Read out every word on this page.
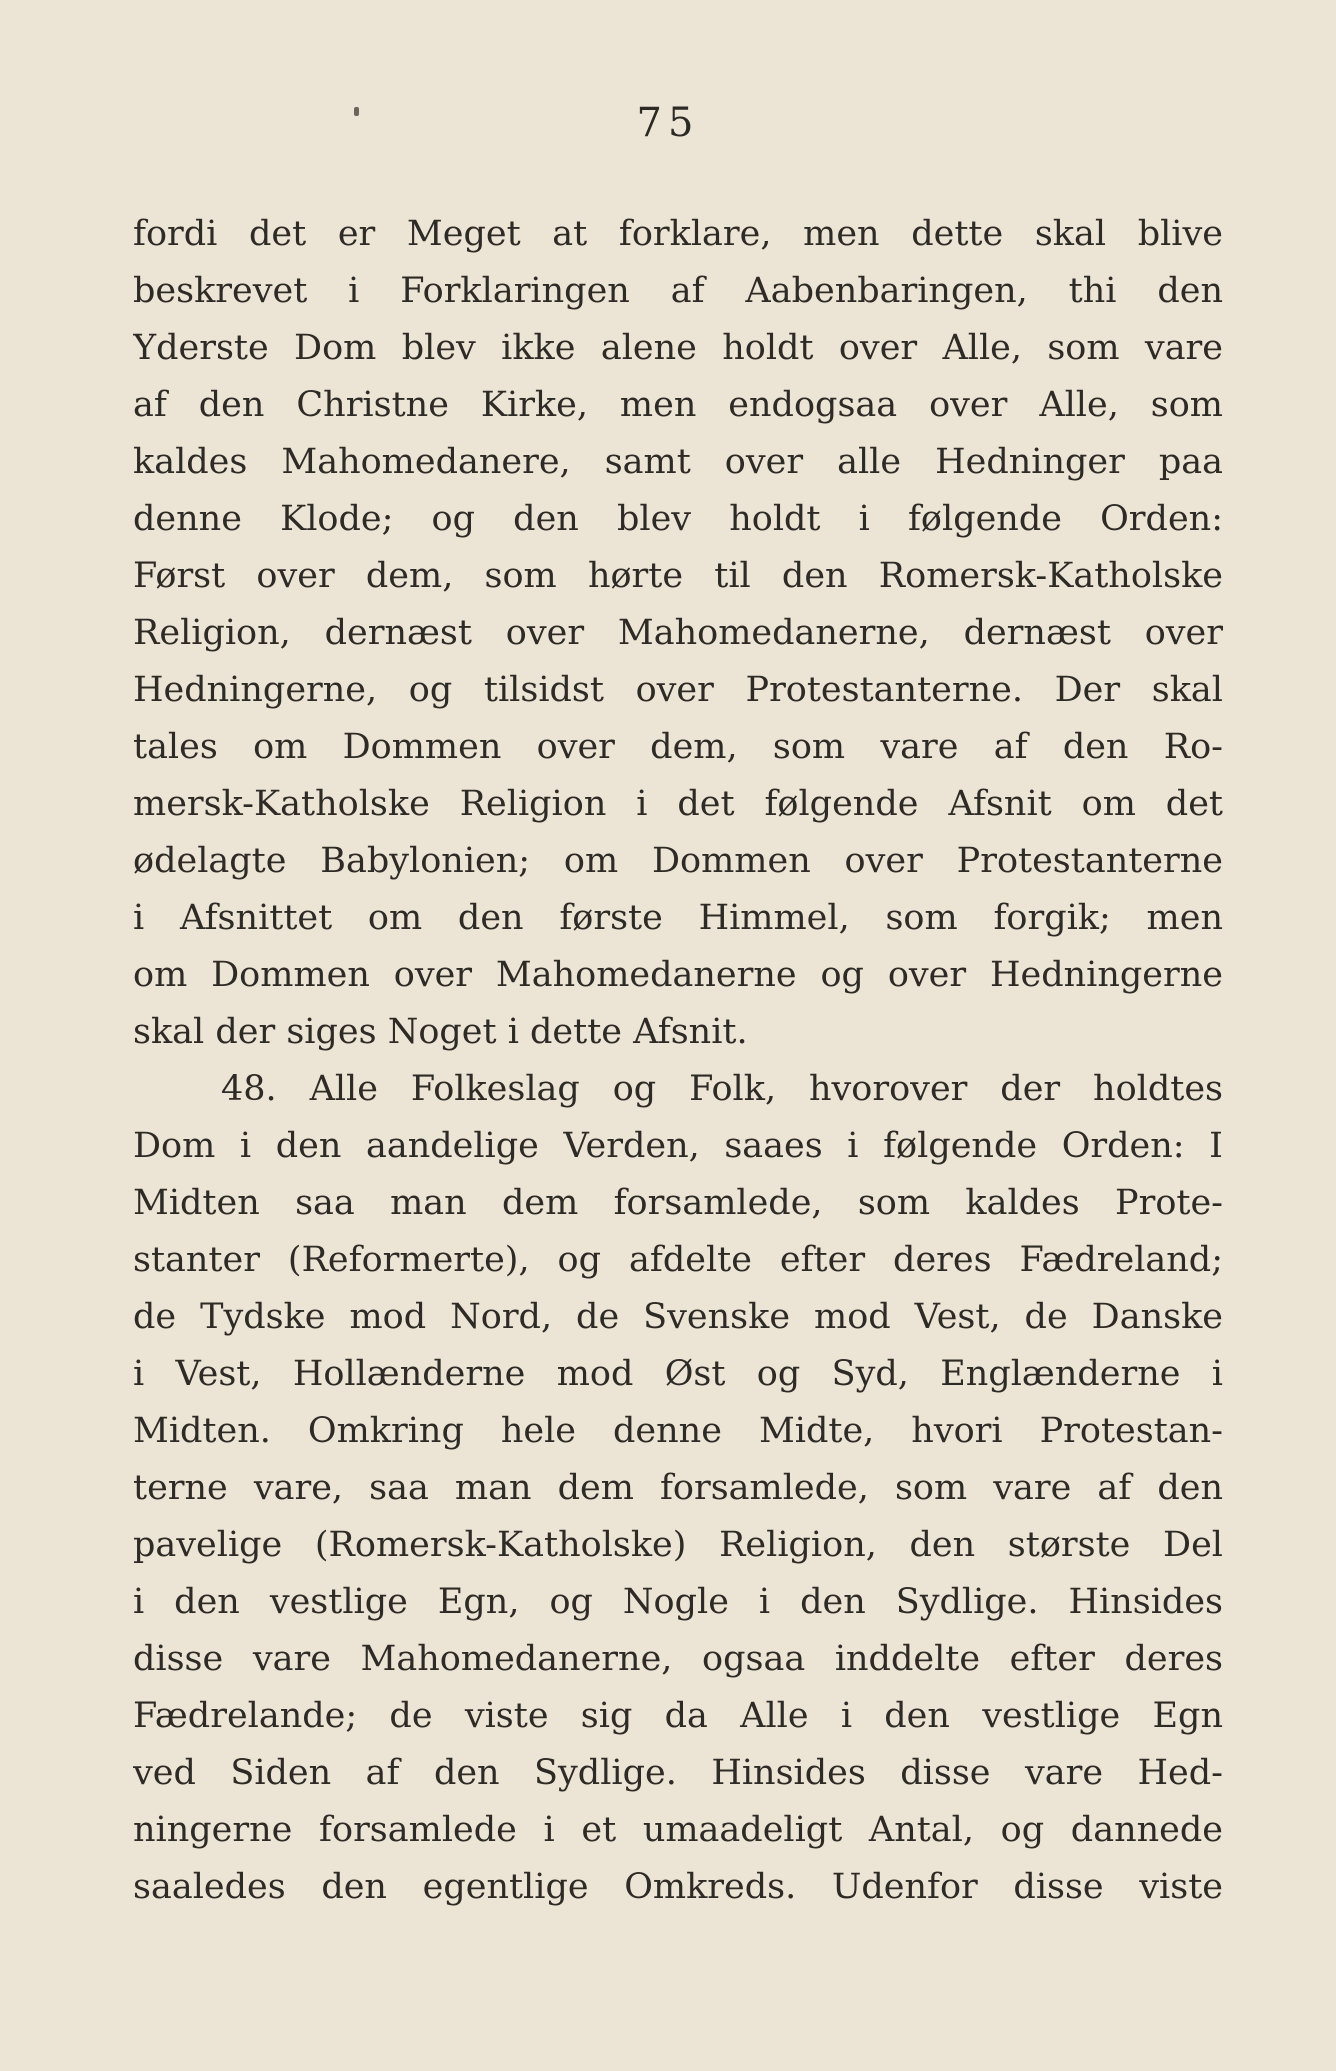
75
fordi det er Meget at forklare, men dette skal blive
beskrevet i Forklaringen af Aabenbaringen, thi den
Yderste Dom blev ikke alene holdt over Alle, som vare
af den Christne Kirke, men endogsaa over Alle, som
kaldes Mahomedanere, samt over alle Hedninger paa
denne Klode; og den blev holdt i følgende Orden:
Først over dem, som hørte til den Romersk-Katholske
Religion, dernæst over Mahomedanerne, dernæst over
Hedningerne, og tilsidst over Protestanterne. Der skal
tales om Dommen over dem, som vare af den Ro-
mersk-Katholske Religion i det følgende Afsnit om det
ødelagte Babylonien; om Dommen over Protestanterne
i Afsnittet om den første Himmel, som forgik; men
om Dommen over Mahomedanerne og over Hedningerne
skal der siges Noget i dette Afsnit.
48. Alle Folkeslag og Folk, hvorover der holdtes
Dom i den aandelige Verden, saaes i følgende Orden: I
Midten saa man dem forsamlede, som kaldes Prote-
stanter (Reformerte), og afdelte efter deres Fædreland;
de Tydske mod Nord, de Svenske mod Vest, de Danske
i Vest, Hollænderne mod Øst og Syd, Englænderne i
Midten. Omkring hele denne Midte, hvori Protestan-
terne vare, saa man dem forsamlede, som vare af den
pavelige (Romersk-Katholske) Religion, den største Del
i den vestlige Egn, og Nogle i den Sydlige. Hinsides
disse vare Mahomedanerne, ogsaa inddelte efter deres
Fædrelande; de viste sig da Alle i den vestlige Egn
ved Siden af den Sydlige. Hinsides disse vare Hed-
ningerne forsamlede i et umaadeligt Antal, og dannede
saaledes den egentlige Omkreds. Udenfor disse viste
